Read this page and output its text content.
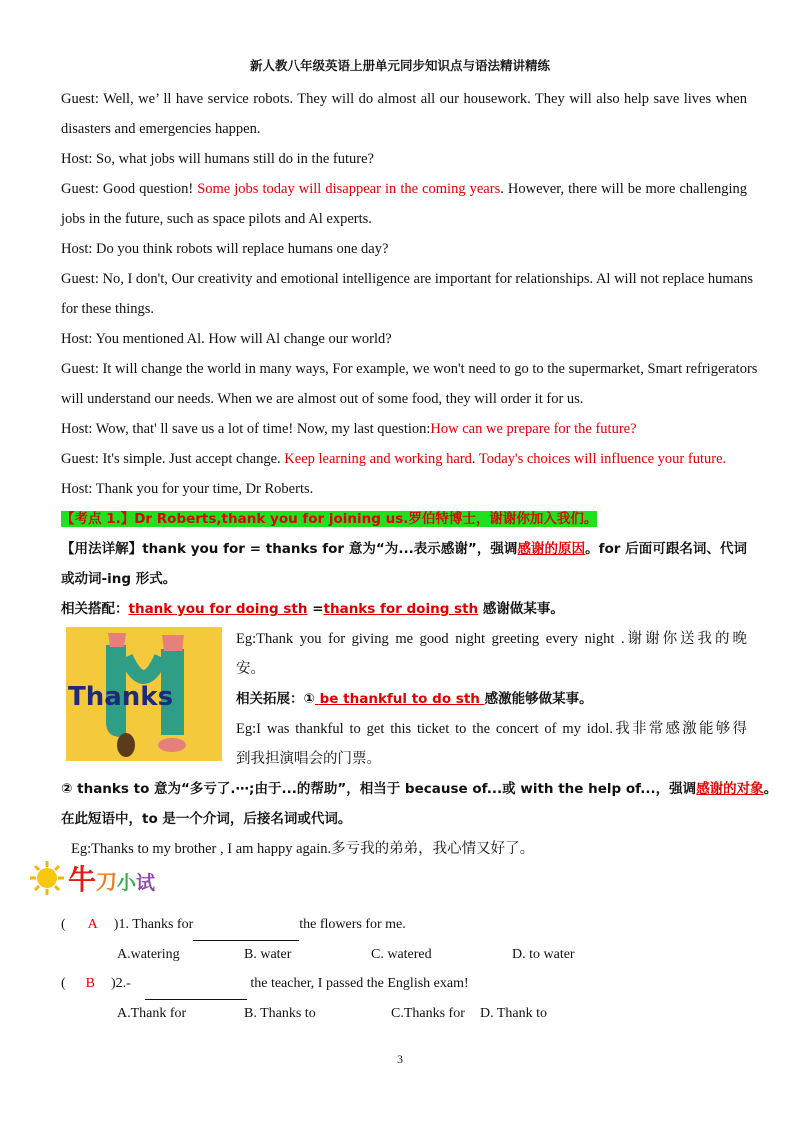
新人教八年级英语上册单元同步知识点与语法精讲精练
Guest: Well, we’ ll have service robots. They will do almost all our housework. They will also help save lives when
disasters and emergencies happen.
Host: So, what jobs will humans still do in the future?
Guest: Good question! Some jobs today will disappear in the coming years. However, there will be more challenging
jobs in the future, such as space pilots and Al experts.
Host: Do you think robots will replace humans one day?
Guest: No, I don't, Our creativity and emotional intelligence are important for relationships. Al will not replace humans
for these things.
Host: You mentioned Al. How will Al change our world?
Guest: It will change the world in many ways, For example, we won't need to go to the supermarket, Smart refrigerators
will understand our needs. When we are almost out of some food, they will order it for us.
Host: Wow, that' ll save us a lot of time! Now, my last question:How can we prepare for the future?
Guest: It's simple. Just accept change. Keep learning and working hard. Today's choices will influence your future.
Host: Thank you for your time, Dr Roberts.
【考点 1.】Dr Roberts,thank you for joining us.罗伯特博士，谢谢你加入我们。
【用法详解】thank you for = thanks for 意为“为...表示感谢”，强调感谢的原因。for 后面可跟名词、代词
或动词-ing 形式。
相关搭配：thank you for doing sth =thanks for doing sth 感谢做某事。
Eg:Thank you for giving me good night greeting every night .谢谢你送我的晚
安。
相关拓展：① be thankful to do sth 感激能够做某事。
Eg:I was thankful to get this ticket to the concert of my idol.我非常感激能够得
到我担演唱会的门票。
② thanks to 意为“多亏了.⋯;由于...的帮助”，相当于 because of...或 with the help of...，强调感谢的对象。
在此短语中，to 是一个介词，后接名词或代词。
Eg:Thanks to my brother , I am happy again.多亏我的弟弟，我心情又好了。
Thanks
牛刀小试
( A )1. Thanks for	the flowers for me.
A.watering	B. water	C. watered	D. to water
( B )2.-	the teacher, I passed the English exam!
A.Thank for	B. Thanks to	C.Thanks for D. Thank to
3
